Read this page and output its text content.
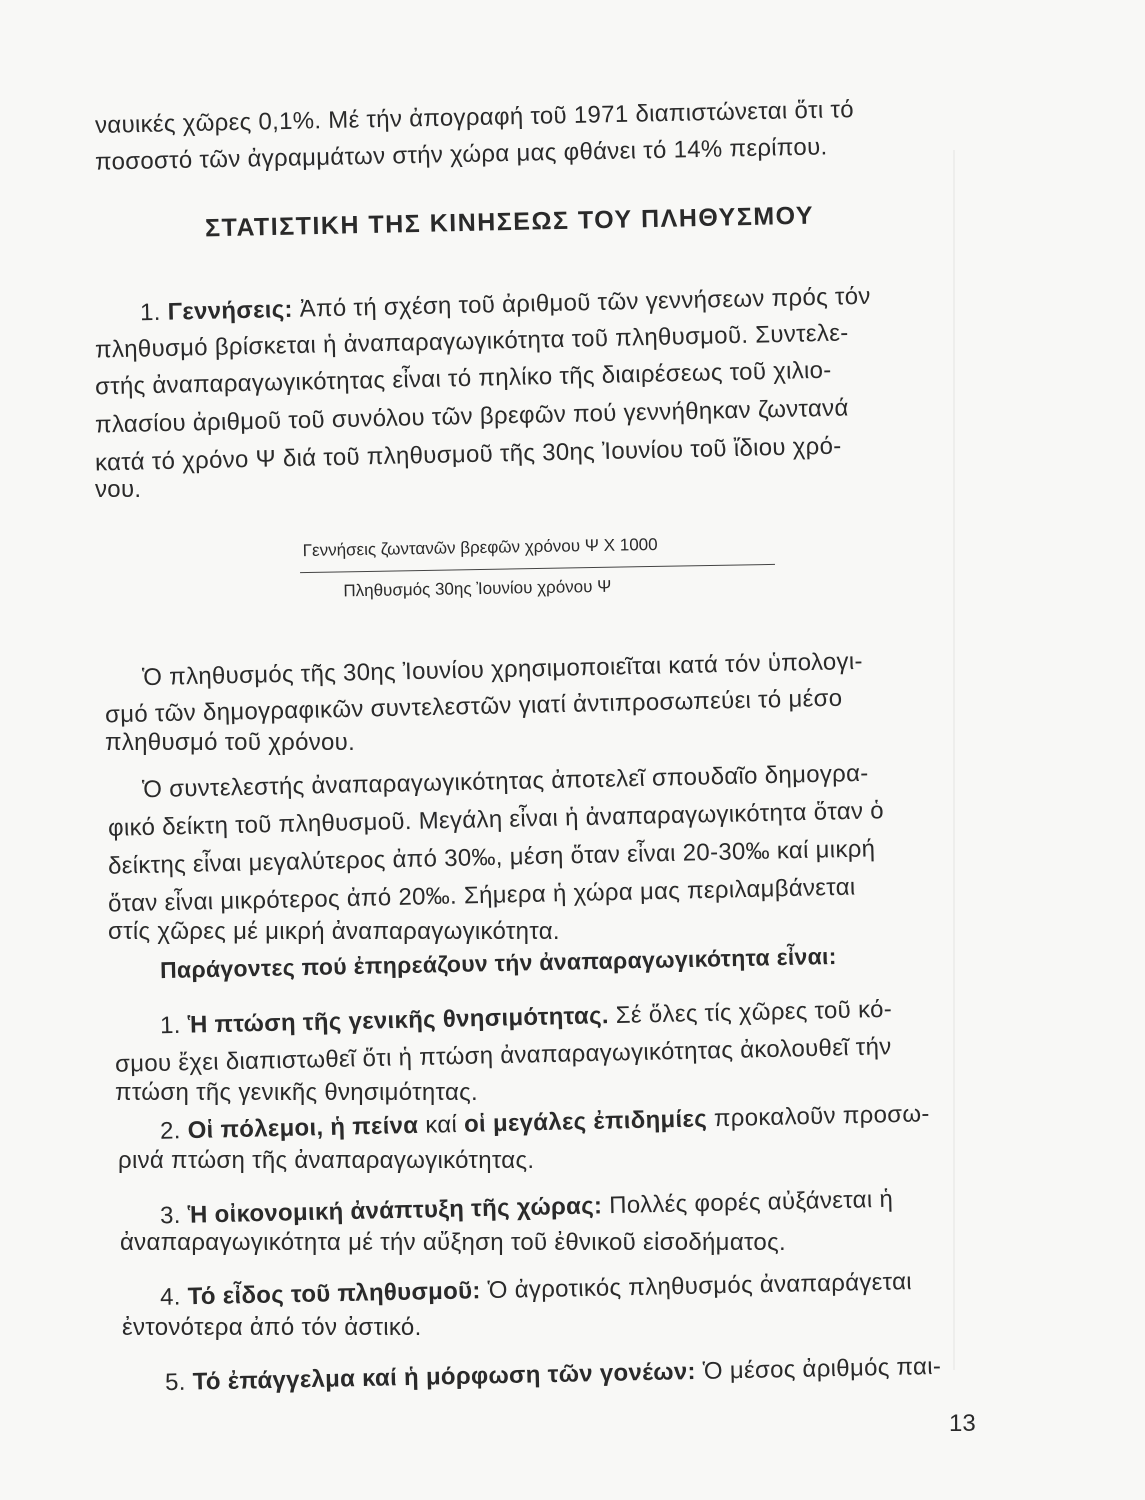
ναυικές χῶρες 0,1%. Μέ τήν ἀπογραφή τοῦ 1971 διαπιστώνεται ὅτι τό
ποσοστό τῶν ἀγραμμάτων στήν χώρα μας φθάνει τό 14% περίπου.
ΣΤΑΤΙΣΤΙΚΗ ΤΗΣ ΚΙΝΗΣΕΩΣ ΤΟΥ ΠΛΗΘΥΣΜΟΥ
1. Γεννήσεις: Ἀπό τή σχέση τοῦ ἀριθμοῦ τῶν γεννήσεων πρός τόν
πληθυσμό βρίσκεται ἡ ἀναπαραγωγικότητα τοῦ πληθυσμοῦ. Συντελε-
στής ἀναπαραγωγικότητας εἶναι τό πηλίκο τῆς διαιρέσεως τοῦ χιλιο-
πλασίου ἀριθμοῦ τοῦ συνόλου τῶν βρεφῶν πού γεννήθηκαν ζωντανά
κατά τό χρόνο Ψ διά τοῦ πληθυσμοῦ τῆς 30ης Ἰουνίου τοῦ ἴδιου χρό-
νου.
Γεννήσεις ζωντανῶν βρεφῶν χρόνου Ψ X 1000
Πληθυσμός 30ης Ἰουνίου χρόνου Ψ
Ὁ πληθυσμός τῆς 30ης Ἰουνίου χρησιμοποιεῖται κατά τόν ὑπολογι-
σμό τῶν δημογραφικῶν συντελεστῶν γιατί ἀντιπροσωπεύει τό μέσο
πληθυσμό τοῦ χρόνου.
Ὁ συντελεστής ἀναπαραγωγικότητας ἀποτελεῖ σπουδαῖο δημογρα-
φικό δείκτη τοῦ πληθυσμοῦ. Μεγάλη εἶναι ἡ ἀναπαραγωγικότητα ὅταν ὁ
δείκτης εἶναι μεγαλύτερος ἀπό 30‰, μέση ὅταν εἶναι 20-30‰ καί μικρή
ὅταν εἶναι μικρότερος ἀπό 20‰. Σήμερα ἡ χώρα μας περιλαμβάνεται
στίς χῶρες μέ μικρή ἀναπαραγωγικότητα.
Παράγοντες πού ἐπηρεάζουν τήν ἀναπαραγωγικότητα εἶναι:
1. Ἡ πτώση τῆς γενικῆς θνησιμότητας. Σέ ὅλες τίς χῶρες τοῦ κό-
σμου ἔχει διαπιστωθεῖ ὅτι ἡ πτώση ἀναπαραγωγικότητας ἀκολουθεῖ τήν
πτώση τῆς γενικῆς θνησιμότητας.
2. Οἱ πόλεμοι, ἡ πείνα καί οἱ μεγάλες ἐπιδημίες προκαλοῦν προσω-
ρινά πτώση τῆς ἀναπαραγωγικότητας.
3. Ἡ οἰκονομική ἀνάπτυξη τῆς χώρας: Πολλές φορές αὐξάνεται ἡ
ἀναπαραγωγικότητα μέ τήν αὔξηση τοῦ ἐθνικοῦ εἰσοδήματος.
4. Τό εἶδος τοῦ πληθυσμοῦ: Ὁ ἀγροτικός πληθυσμός ἀναπαράγεται
ἐντονότερα ἀπό τόν ἀστικό.
5. Τό ἐπάγγελμα καί ἡ μόρφωση τῶν γονέων: Ὁ μέσος ἀριθμός παι-
13
